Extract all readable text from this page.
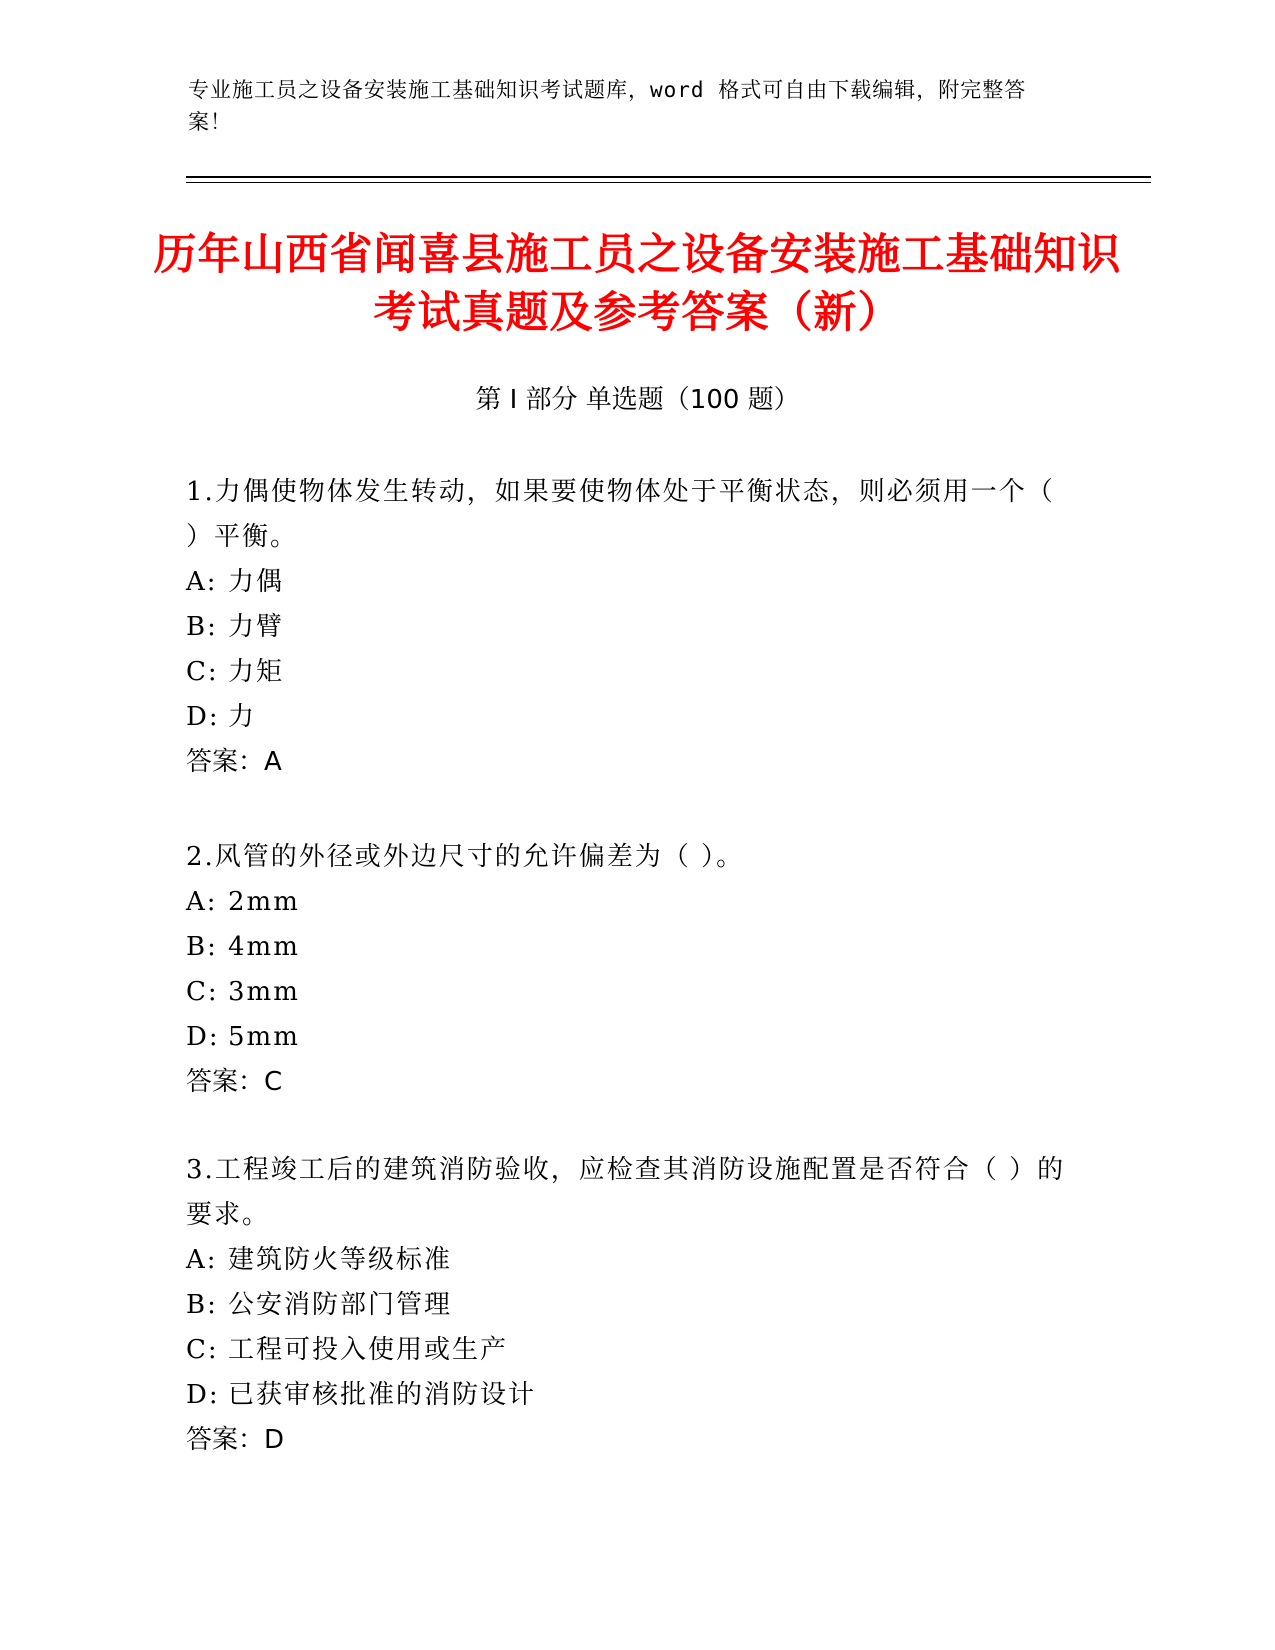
专业施工员之设备安装施工基础知识考试题库，word 格式可自由下载编辑，附完整答案！
历年山西省闻喜县施工员之设备安装施工基础知识考试真题及参考答案（新）
第 I 部分 单选题（100 题）

1.力偶使物体发生转动，如果要使物体处于平衡状态，则必须用一个（ ）平衡。

A: 力偶

B: 力臂

C: 力矩

D: 力

答案：A

2.风管的外径或外边尺寸的允许偏差为（ ）。

A: 2mm

B: 4mm

C: 3mm

D: 5mm

答案：C

3.工程竣工后的建筑消防验收，应检查其消防设施配置是否符合（ ）的要求。

A: 建筑防火等级标准

B: 公安消防部门管理

C: 工程可投入使用或生产

D: 已获审核批准的消防设计

答案：D
